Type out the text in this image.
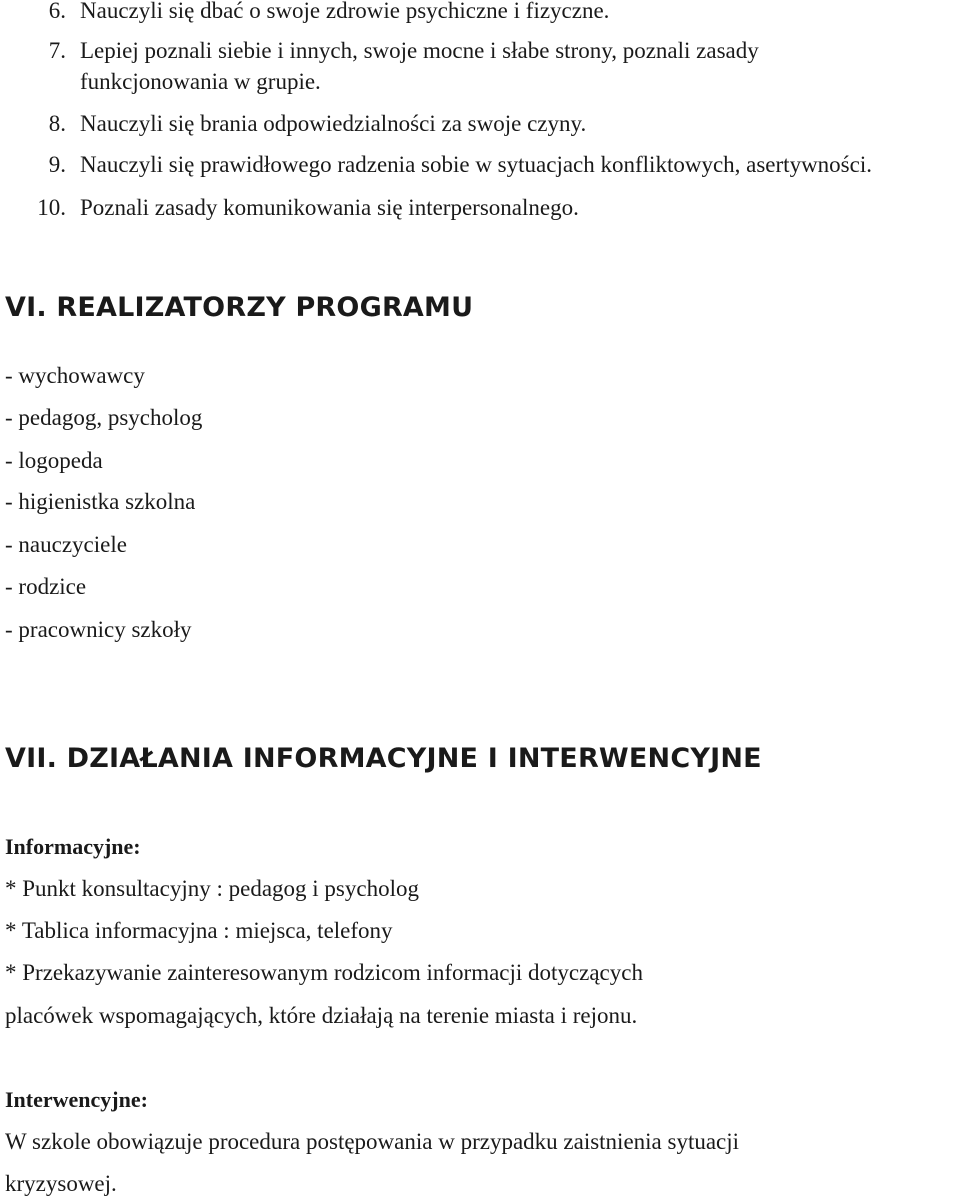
6. Nauczyli się dbać o swoje zdrowie psychiczne i fizyczne.
7. Lepiej poznali siebie i innych, swoje mocne i słabe strony, poznali zasady
funkcjonowania w grupie.
8. Nauczyli się brania odpowiedzialności za swoje czyny.
9. Nauczyli się prawidłowego radzenia sobie w sytuacjach konfliktowych, asertywności.
10. Poznali zasady komunikowania się interpersonalnego.
VI. REALIZATORZY PROGRAMU
- wychowawcy
- pedagog, psycholog
- logopeda
- higienistka szkolna
- nauczyciele
- rodzice
- pracownicy szkoły
VII. DZIAŁANIA INFORMACYJNE I INTERWENCYJNE
Informacyjne:
* Punkt konsultacyjny : pedagog i psycholog
* Tablica informacyjna : miejsca, telefony
* Przekazywanie zainteresowanym rodzicom informacji dotyczących
placówek wspomagających, które działają na terenie miasta i rejonu.
Interwencyjne:
W szkole obowiązuje procedura postępowania w przypadku zaistnienia sytuacji
kryzysowej.
